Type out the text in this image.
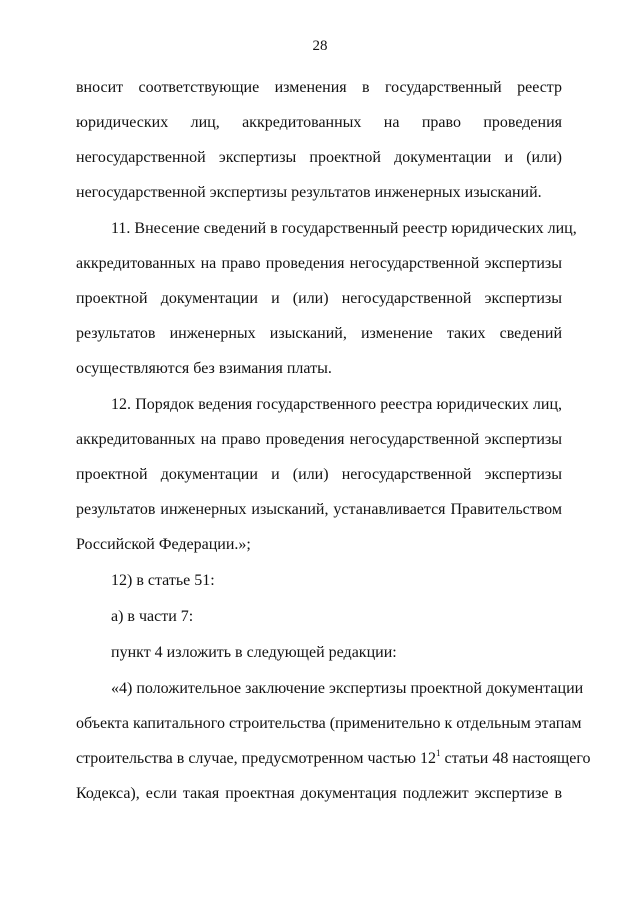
28
вносит соответствующие изменения в государственный реестр
юридических лиц, аккредитованных на право проведения
негосударственной экспертизы проектной документации и (или)
негосударственной экспертизы результатов инженерных изысканий.
11. Внесение сведений в государственный реестр юридических лиц,
аккредитованных на право проведения негосударственной экспертизы
проектной документации и (или) негосударственной экспертизы
результатов инженерных изысканий, изменение таких сведений
осуществляются без взимания платы.
12. Порядок ведения государственного реестра юридических лиц,
аккредитованных на право проведения негосударственной экспертизы
проектной документации и (или) негосударственной экспертизы
результатов инженерных изысканий, устанавливается Правительством
Российской Федерации.»;
12) в статье 51:
а) в части 7:
пункт 4 изложить в следующей редакции:
«4) положительное заключение экспертизы проектной документации
объекта капитального строительства (применительно к отдельным этапам
строительства в случае, предусмотренном частью $12^1$ статьи 48 настоящего
Кодекса), если такая проектная документация подлежит экспертизе в
